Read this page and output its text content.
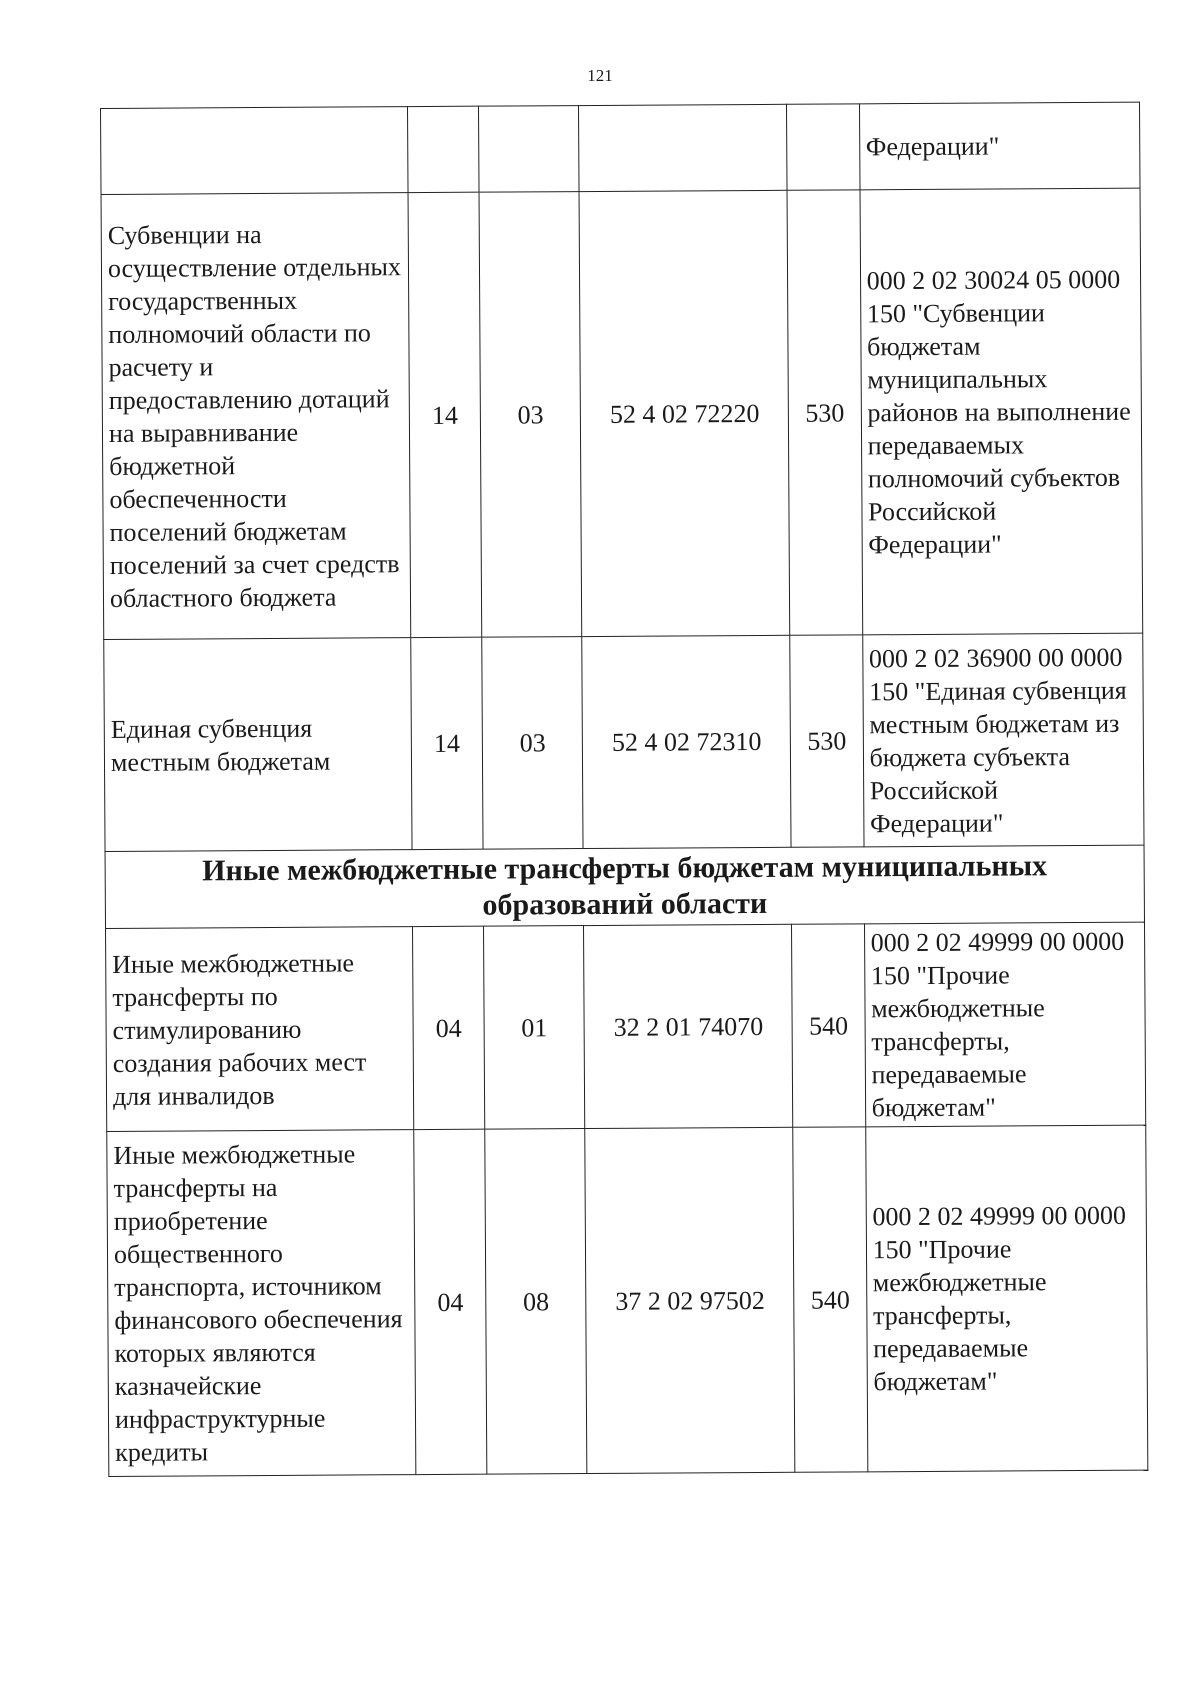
121
					Федерации"
Субвенции на осуществление отдельных государственных полномочий области по расчету и предоставлению дотаций на выравнивание бюджетной обеспеченности поселений бюджетам поселений за счет средств областного бюджета	14	03	52 4 02 72220	530	000 2 02 30024 05 0000 150 "Субвенции бюджетам муниципальных районов на выполнение передаваемых полномочий субъектов Российской Федерации"
Единая субвенция местным бюджетам	14	03	52 4 02 72310	530	000 2 02 36900 00 0000 150 "Единая субвенция местным бюджетам из бюджета субъекта Российской Федерации"

Иные межбюджетные трансферты бюджетам муниципальных
образований области					

Иные межбюджетные трансферты по стимулированию создания рабочих мест для инвалидов	04	01	32 2 01 74070	540	000 2 02 49999 00 0000 150 "Прочие межбюджетные трансферты, передаваемые бюджетам"
Иные межбюджетные трансферты на приобретение общественного транспорта, источником финансового обеспечения которых являются казначейские инфраструктурные кредиты	04	08	37 2 02 97502	540	000 2 02 49999 00 0000 150 "Прочие межбюджетные трансферты, передаваемые бюджетам"
